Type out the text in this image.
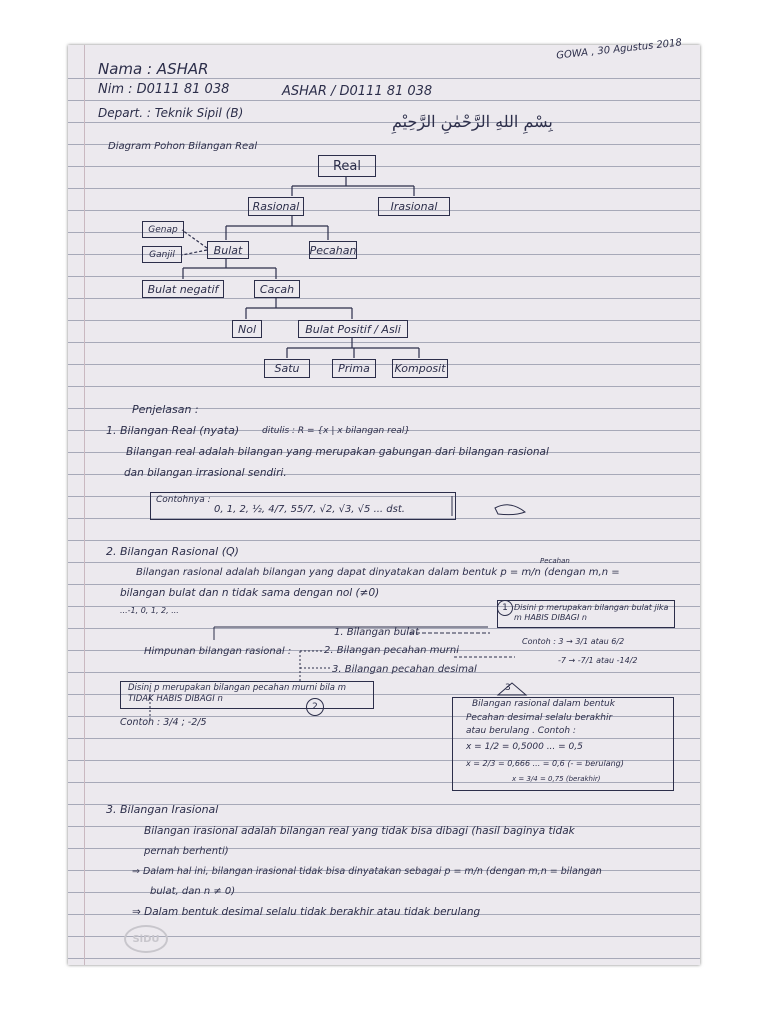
Nama : ASHAR
Nim : D0111 81 038
Depart. : Teknik Sipil (B)
ASHAR / D0111 81 038
GOWA , 30 Agustus 2018
بِسْمِ اللهِ الرَّحْمٰنِ الرَّحِيْمِ
Diagram Pohon Bilangan Real
Real
Rasional	Irasional
Genap
Ganjil	Bulat	Pecahan
Bulat negatif	Cacah
Nol	Bulat Positif / Asli
Satu	Prima	Komposit
Penjelasan :
1. Bilangan Real (nyata)	ditulis : R = {x | x bilangan real}
Bilangan real adalah bilangan yang merupakan gabungan dari bilangan rasional
dan bilangan irrasional sendiri.
Contohnya :
0, 1, 2, ½, 4/7, 55/7, √2, √3, √5 ... dst.
2. Bilangan Rasional (Q)
Pecahan
Bilangan rasional adalah bilangan yang dapat dinyatakan dalam bentuk p = m/n (dengan m,n =
bilangan bulat dan n tidak sama dengan nol (≠0)
...-1, 0, 1, 2, ...	1 Disini p merupakan bilangan bulat jika m HABIS DIBAGI n
Contoh : 3 → 3/1 atau 6/2
-7 → -7/1 atau -14/2
1. Bilangan bulat
Himpunan bilangan rasional :	2. Bilangan pecahan murni
3. Bilangan pecahan desimal
Disini p merupakan bilangan pecahan murni bila m TIDAK HABIS DIBAGI n
2
Contoh : 3/4 ; -2/5
3
Bilangan rasional dalam bentuk
Pecahan desimal selalu berakhir
atau berulang . Contoh :
x = 1/2 = 0,5000 ... = 0,5
x = 2/3 = 0,666 ... = 0,6 (- = berulang)
x = 3/4 = 0,75 (berakhir)
3. Bilangan Irasional
Bilangan irasional adalah bilangan real yang tidak bisa dibagi (hasil baginya tidak
pernah berhenti)
⇒ Dalam hal ini, bilangan irasional tidak bisa dinyatakan sebagai p = m/n (dengan m,n = bilangan
bulat, dan n ≠ 0)
⇒ Dalam bentuk desimal selalu tidak berakhir atau tidak berulang
SiDU
